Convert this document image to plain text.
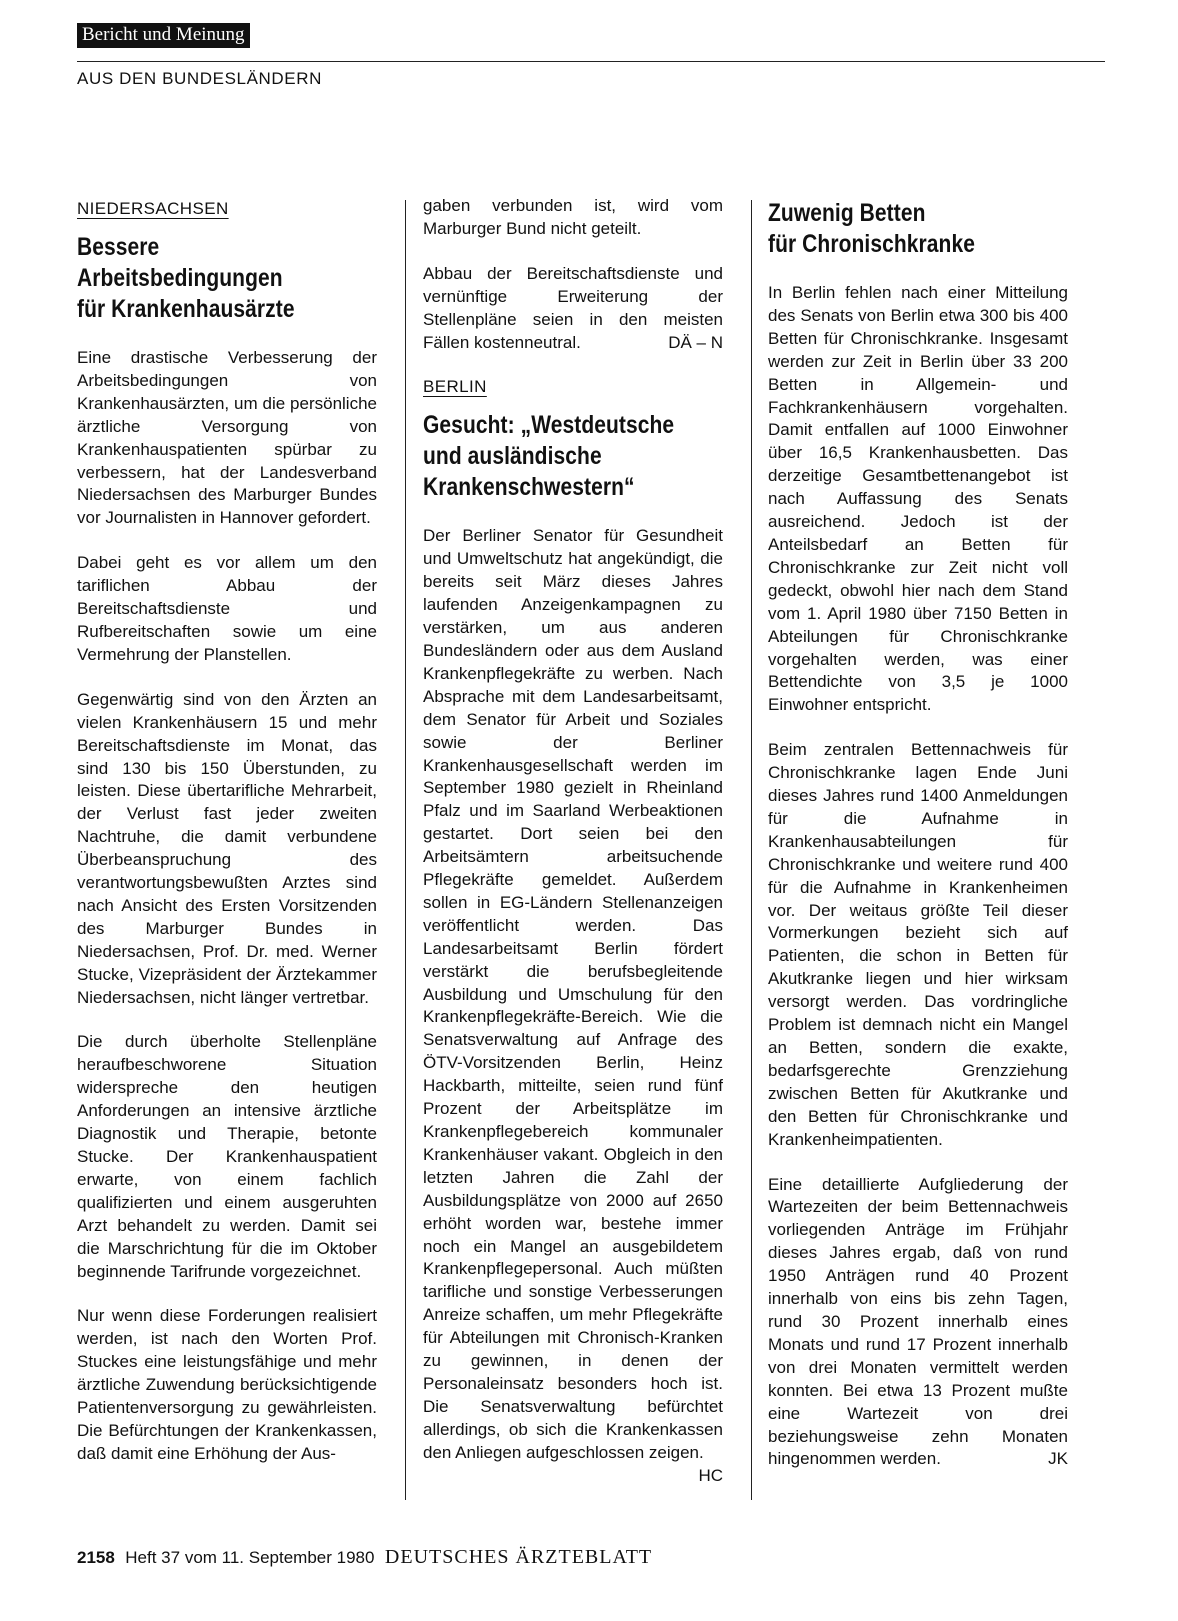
Bericht und Meinung
AUS DEN BUNDESLÄNDERN
NIEDERSACHSEN
Bessere
Arbeitsbedingungen
für Krankenhausärzte

Eine drastische Verbesserung der Arbeitsbedingungen von Krankenhausärzten, um die persönliche ärztliche Versorgung von Krankenhauspatienten spürbar zu verbessern, hat der Landesverband Niedersachsen des Marburger Bundes vor Journalisten in Hannover gefordert.

Dabei geht es vor allem um den tariflichen Abbau der Bereitschaftsdienste und Rufbereitschaften sowie um eine Vermehrung der Planstellen.

Gegenwärtig sind von den Ärzten an vielen Krankenhäusern 15 und mehr Bereitschaftsdienste im Monat, das sind 130 bis 150 Überstunden, zu leisten. Diese übertarifliche Mehrarbeit, der Verlust fast jeder zweiten Nachtruhe, die damit verbundene Überbeanspruchung des verantwortungsbewußten Arztes sind nach Ansicht des Ersten Vorsitzenden des Marburger Bundes in Niedersachsen, Prof. Dr. med. Werner Stucke, Vizepräsident der Ärztekammer Niedersachsen, nicht länger vertretbar.

Die durch überholte Stellenpläne heraufbeschworene Situation widerspreche den heutigen Anforderungen an intensive ärztliche Diagnostik und Therapie, betonte Stucke. Der Krankenhauspatient erwarte, von einem fachlich qualifizierten und einem ausgeruhten Arzt behandelt zu werden. Damit sei die Marschrichtung für die im Oktober beginnende Tarifrunde vorgezeichnet.

Nur wenn diese Forderungen realisiert werden, ist nach den Worten Prof. Stuckes eine leistungsfähige und mehr ärztliche Zuwendung berücksichtigende Patientenversorgung zu gewährleisten. Die Befürchtungen der Krankenkassen, daß damit eine Erhöhung der Aus-

gaben verbunden ist, wird vom Marburger Bund nicht geteilt.

Abbau der Bereitschaftsdienste und vernünftige Erweiterung der Stellenpläne seien in den meisten Fällen kostenneutral.	DÄ – N

BERLIN
Gesucht: „Westdeutsche
und ausländische
Krankenschwestern“

Der Berliner Senator für Gesundheit und Umweltschutz hat angekündigt, die bereits seit März dieses Jahres laufenden Anzeigenkampagnen zu verstärken, um aus anderen Bundesländern oder aus dem Ausland Krankenpflegekräfte zu werben. Nach Absprache mit dem Landesarbeitsamt, dem Senator für Arbeit und Soziales sowie der Berliner Krankenhausgesellschaft werden im September 1980 gezielt in Rheinland Pfalz und im Saarland Werbeaktionen gestartet. Dort seien bei den Arbeitsämtern arbeitsuchende Pflegekräfte gemeldet. Außerdem sollen in EG-Ländern Stellenanzeigen veröffentlicht werden. Das Landesarbeitsamt Berlin fördert verstärkt die berufsbegleitende Ausbildung und Umschulung für den Krankenpflegekräfte-Bereich. Wie die Senatsverwaltung auf Anfrage des ÖTV-Vorsitzenden Berlin, Heinz Hackbarth, mitteilte, seien rund fünf Prozent der Arbeitsplätze im Krankenpflegebereich kommunaler Krankenhäuser vakant. Obgleich in den letzten Jahren die Zahl der Ausbildungsplätze von 2000 auf 2650 erhöht worden war, bestehe immer noch ein Mangel an ausgebildetem Krankenpflegepersonal. Auch müßten tarifliche und sonstige Verbesserungen Anreize schaffen, um mehr Pflegekräfte für Abteilungen mit Chronisch-Kranken zu gewinnen, in denen der Personaleinsatz besonders hoch ist. Die Senatsverwaltung befürchtet allerdings, ob sich die Krankenkassen den Anliegen aufgeschlossen zeigen.
HC

Zuwenig Betten
für Chronischkranke

In Berlin fehlen nach einer Mitteilung des Senats von Berlin etwa 300 bis 400 Betten für Chronischkranke. Insgesamt werden zur Zeit in Berlin über 33 200 Betten in Allgemein- und Fachkrankenhäusern vorgehalten. Damit entfallen auf 1000 Einwohner über 16,5 Krankenhausbetten. Das derzeitige Gesamtbettenangebot ist nach Auffassung des Senats ausreichend. Jedoch ist der Anteilsbedarf an Betten für Chronischkranke zur Zeit nicht voll gedeckt, obwohl hier nach dem Stand vom 1. April 1980 über 7150 Betten in Abteilungen für Chronischkranke vorgehalten werden, was einer Bettendichte von 3,5 je 1000 Einwohner entspricht.

Beim zentralen Bettennachweis für Chronischkranke lagen Ende Juni dieses Jahres rund 1400 Anmeldungen für die Aufnahme in Krankenhausabteilungen für Chronischkranke und weitere rund 400 für die Aufnahme in Krankenheimen vor. Der weitaus größte Teil dieser Vormerkungen bezieht sich auf Patienten, die schon in Betten für Akutkranke liegen und hier wirksam versorgt werden. Das vordringliche Problem ist demnach nicht ein Mangel an Betten, sondern die exakte, bedarfsgerechte Grenzziehung zwischen Betten für Akutkranke und den Betten für Chronischkranke und Krankenheimpatienten.

Eine detaillierte Aufgliederung der Wartezeiten der beim Bettennachweis vorliegenden Anträge im Frühjahr dieses Jahres ergab, daß von rund 1950 Anträgen rund 40 Prozent innerhalb von eins bis zehn Tagen, rund 30 Prozent innerhalb eines Monats und rund 17 Prozent innerhalb von drei Monaten vermittelt werden konnten. Bei etwa 13 Prozent mußte eine Wartezeit von drei beziehungsweise zehn Monaten hingenommen werden.	JK

2158 Heft 37 vom 11. September 1980 DEUTSCHES ÄRZTEBLATT
